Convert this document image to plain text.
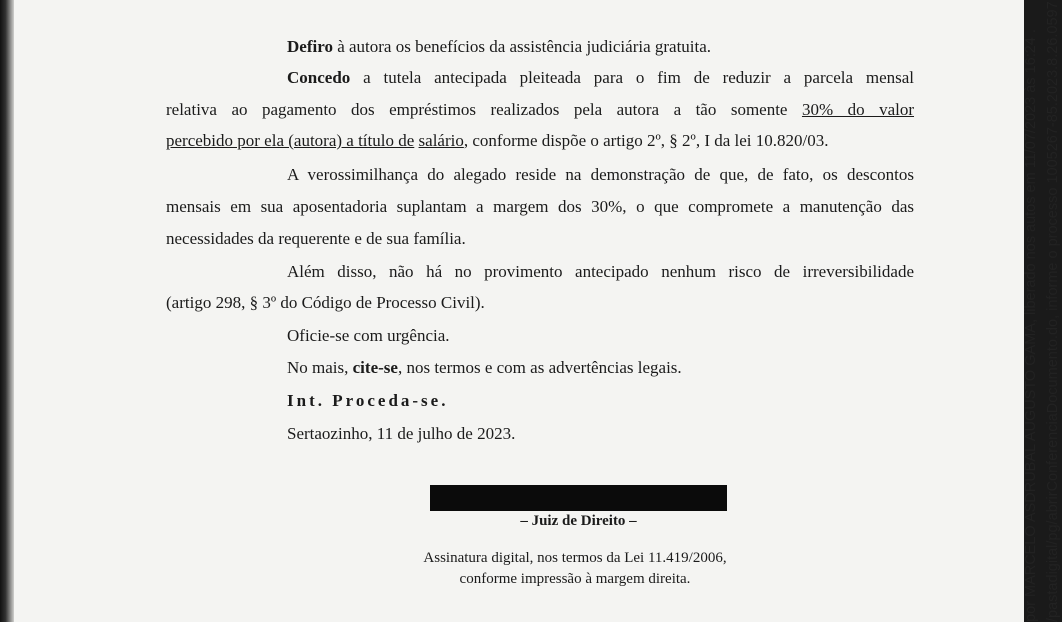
Defiro à autora os benefícios da assistência judiciária gratuita.
Concedo a tutela antecipada pleiteada para o fim de reduzir a parcela mensal
relativa ao pagamento dos empréstimos realizados pela autora a tão somente 30% do valor
percebido por ela (autora) a título de salário, conforme dispõe o artigo 2º, § 2º, I da lei 10.820/03.
A verossimilhança do alegado reside na demonstração de que, de fato, os descontos
mensais em sua aposentadoria suplantam a margem dos 30%, o que compromete a manutenção das
necessidades da requerente e de sua família.
Além disso, não há no provimento antecipado nenhum risco de irreversibilidade
(artigo 298, § 3º do Código de Processo Civil).
Oficie-se com urgência.
No mais, cite-se, nos termos e com as advertências legais.
Int. Proceda-se.
Sertaozinho, 11 de julho de 2023.
– Juiz de Direito –
Assinatura digital, nos termos da Lei 11.419/2006,
conforme impressão à margem direita.	por MARCELO ASDRUBAL AUGUSTO GAMA, liberado nos autos em 11/07/2023 às 16:24 . /pastadigital/pg/abrirConferenciaDocumento.do, informe o processo 1005267-85.2023.8.26.0597
